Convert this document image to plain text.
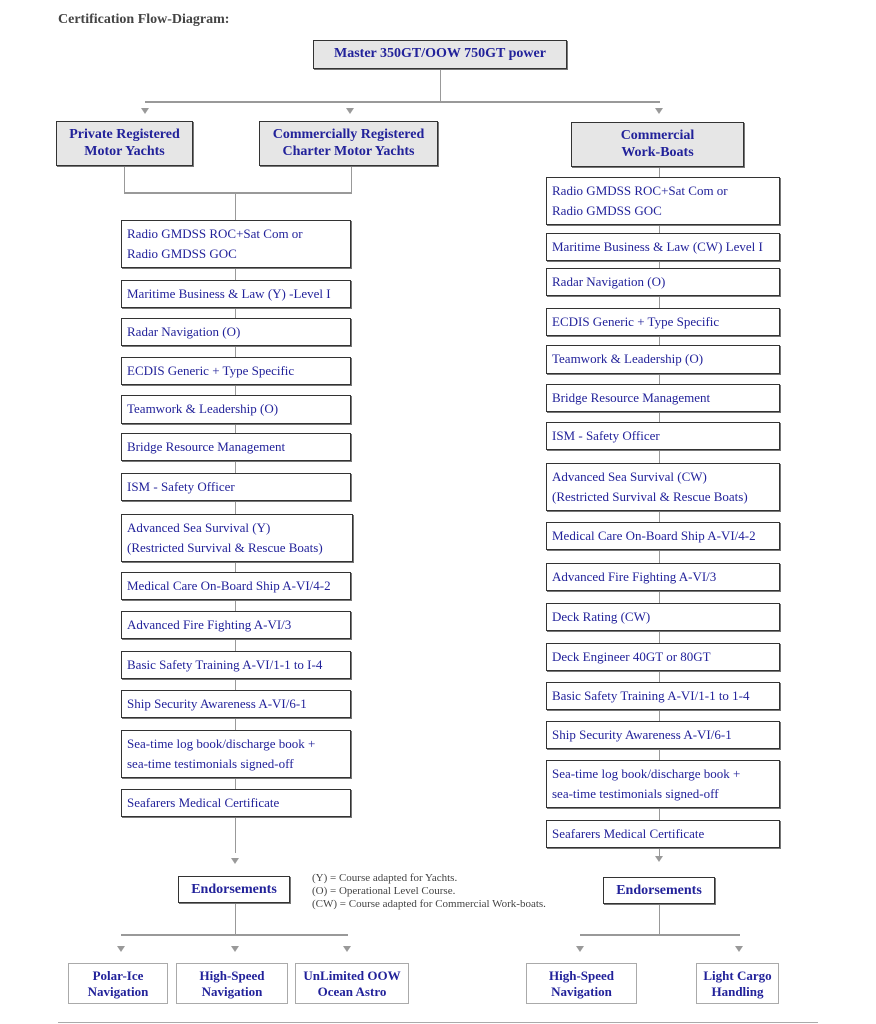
Certification Flow-Diagram:
Master 350GT/OOW 750GT power
Private Registered
Motor Yachts
Commercially Registered
Charter Motor Yachts
Commercial
Work-Boats
Radio GMDSS ROC+Sat Com or
Radio GMDSS GOC
Maritime Business & Law (Y) -Level I
Radar Navigation (O)
ECDIS Generic + Type Specific
Teamwork & Leadership (O)
Bridge Resource Management
ISM - Safety Officer
Advanced Sea Survival (Y)
(Restricted Survival & Rescue Boats)
Medical Care On-Board Ship A-VI/4-2
Advanced Fire Fighting A-VI/3
Basic Safety Training A-VI/1-1 to I-4
Ship Security Awareness A-VI/6-1
Sea-time log book/discharge book +
sea-time testimonials signed-off
Seafarers Medical Certificate
Radio GMDSS ROC+Sat Com or
Radio GMDSS GOC
Maritime Business & Law (CW) Level I
Radar Navigation (O)
ECDIS Generic + Type Specific
Teamwork & Leadership (O)
Bridge Resource Management
ISM - Safety Officer
Advanced Sea Survival (CW)
(Restricted Survival & Rescue Boats)
Medical Care On-Board Ship A-VI/4-2
Advanced Fire Fighting A-VI/3
Deck Rating (CW)
Deck Engineer 40GT or 80GT
Basic Safety Training A-VI/1-1 to 1-4
Ship Security Awareness A-VI/6-1
Sea-time log book/discharge book +
sea-time testimonials signed-off
Seafarers Medical Certificate
Endorsements	Endorsements
Polar-Ice
Navigation
High-Speed
Navigation
UnLimited OOW
Ocean Astro
High-Speed
Navigation
Light Cargo
Handling
(Y) = Course adapted for Yachts.
(O) = Operational Level Course.
(CW) = Course adapted for Commercial Work-boats.
